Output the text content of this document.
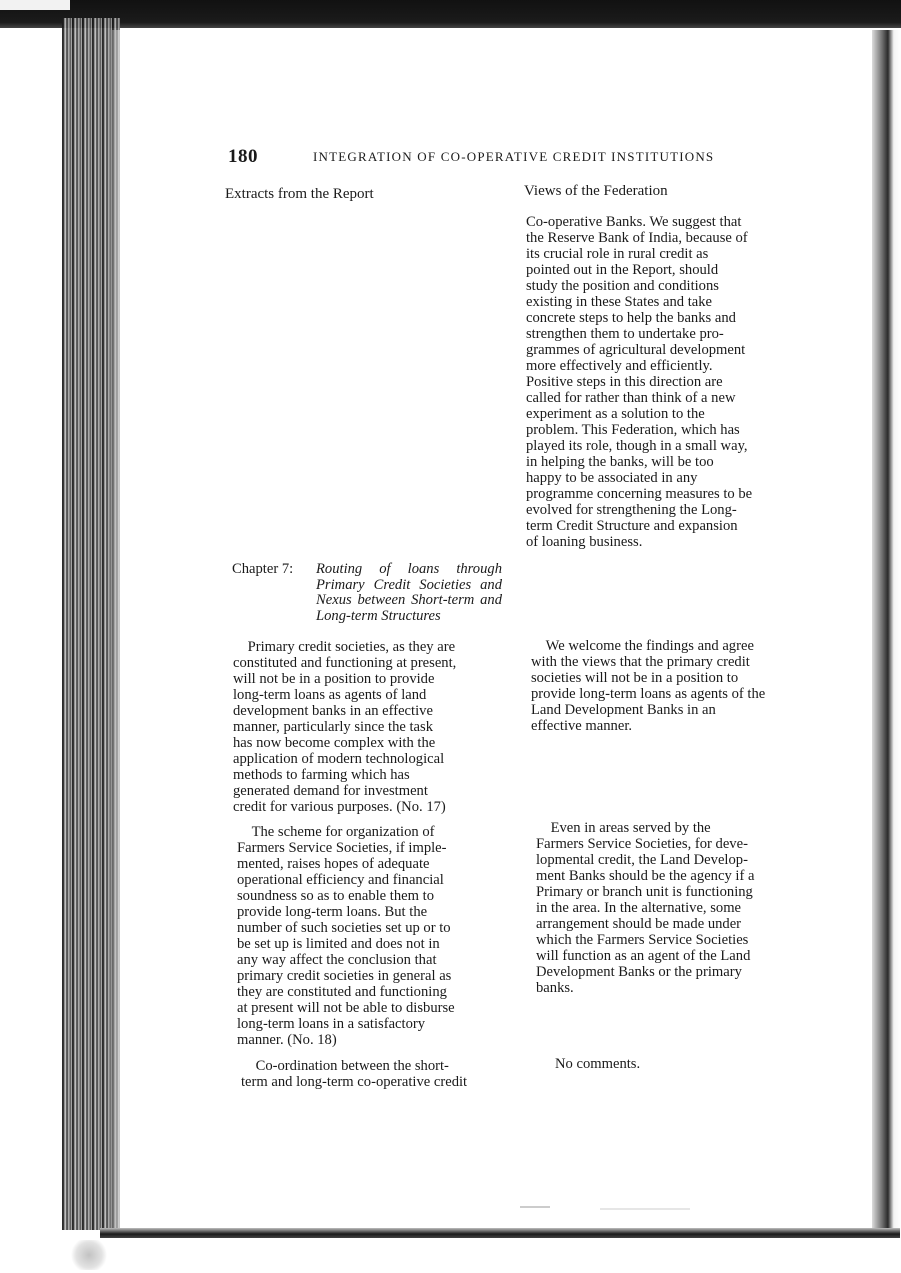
180	INTEGRATION OF CO-OPERATIVE CREDIT INSTITUTIONS
Extracts from the Report	Views of the Federation
Co-operative Banks. We suggest that
the Reserve Bank of India, because of
its crucial role in rural credit as
pointed out in the Report, should
study the position and conditions
existing in these States and take
concrete steps to help the banks and
strengthen them to undertake pro-
grammes of agricultural development
more effectively and efficiently.
Positive steps in this direction are
called for rather than think of a new
experiment as a solution to the
problem. This Federation, which has
played its role, though in a small way,
in helping the banks, will be too
happy to be associated in any
programme concerning measures to be
evolved for strengthening the Long-
term Credit Structure and expansion
of loaning business.
Chapter 7: Routing of loans through Primary Credit Societies and Nexus between Short-term and Long-term Structures
 Primary credit societies, as they are
constituted and functioning at present,
will not be in a position to provide
long-term loans as agents of land
development banks in an effective
manner, particularly since the task
has now become complex with the
application of modern technological
methods to farming which has
generated demand for investment
credit for various purposes. (No. 17)
 We welcome the findings and agree
with the views that the primary credit
societies will not be in a position to
provide long-term loans as agents of the
Land Development Banks in an
effective manner.
 The scheme for organization of
Farmers Service Societies, if imple-
mented, raises hopes of adequate
operational efficiency and financial
soundness so as to enable them to
provide long-term loans. But the
number of such societies set up or to
be set up is limited and does not in
any way affect the conclusion that
primary credit societies in general as
they are constituted and functioning
at present will not be able to disburse
long-term loans in a satisfactory
manner. (No. 18)
 Even in areas served by the
Farmers Service Societies, for deve-
lopmental credit, the Land Develop-
ment Banks should be the agency if a
Primary or branch unit is functioning
in the area. In the alternative, some
arrangement should be made under
which the Farmers Service Societies
will function as an agent of the Land
Development Banks or the primary
banks.
 Co-ordination between the short-
term and long-term co-operative credit
No comments.
